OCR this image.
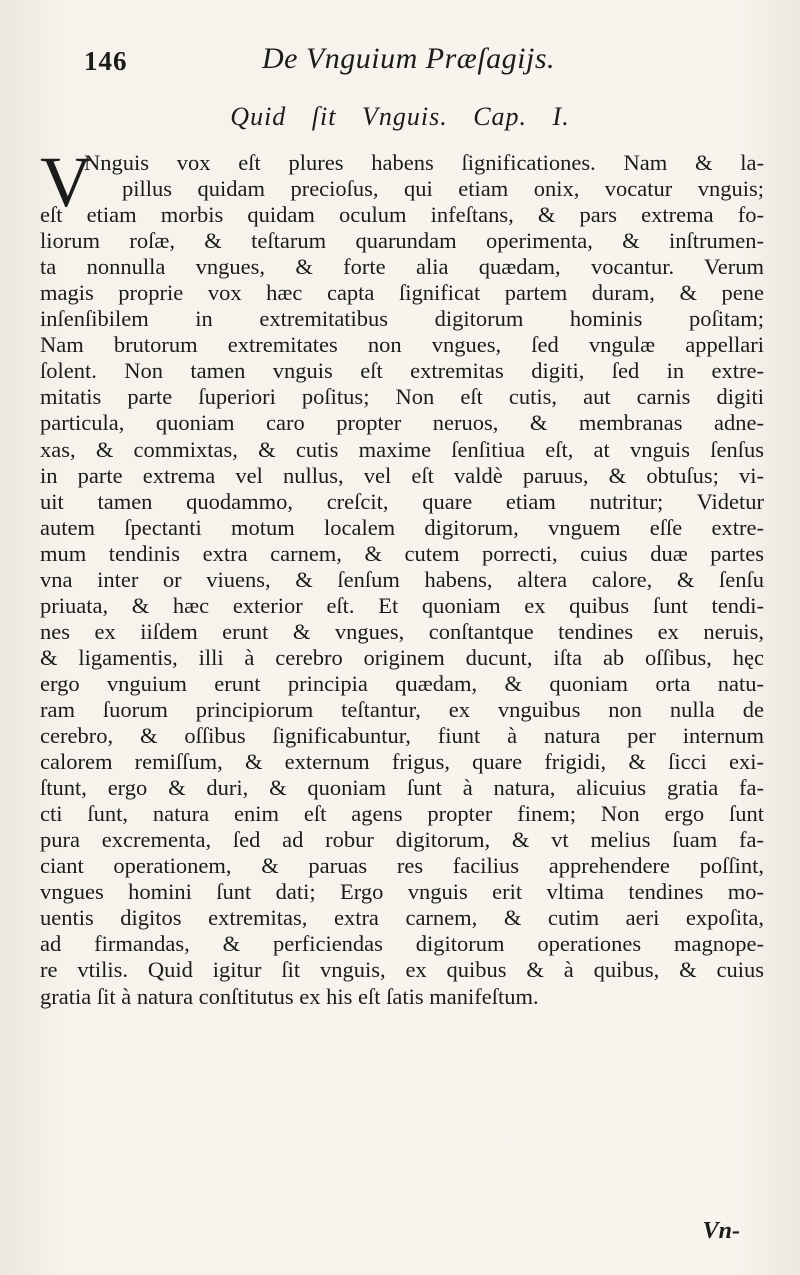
146	De Vnguium Præſagijs.
Quid ſit Vnguis. Cap. I.
V
Nnguis vox eſt plures habens ſignificationes. Nam & la-
pillus quidam precioſus, qui etiam onix, vocatur vnguis;
eſt etiam morbis quidam oculum infeſtans, & pars extrema fo-
liorum roſæ, & teſtarum quarundam operimenta, & inſtrumen-
ta nonnulla vngues, & forte alia quædam, vocantur. Verum
magis proprie vox hæc capta ſignificat partem duram, & pene
inſenſibilem in extremitatibus digitorum hominis poſitam;
Nam brutorum extremitates non vngues, ſed vngulæ appellari
ſolent. Non tamen vnguis eſt extremitas digiti, ſed in extre-
mitatis parte ſuperiori poſitus; Non eſt cutis, aut carnis digiti
particula, quoniam caro propter neruos, & membranas adne-
xas, & commixtas, & cutis maxime ſenſitiua eſt, at vnguis ſenſus
in parte extrema vel nullus, vel eſt valdè paruus, & obtuſus; vi-
uit tamen quodammo, creſcit, quare etiam nutritur; Videtur
autem ſpectanti motum localem digitorum, vnguem eſſe extre-
mum tendinis extra carnem, & cutem porrecti, cuius duæ partes
vna inter or viuens, & ſenſum habens, altera calore, & ſenſu
priuata, & hæc exterior eſt. Et quoniam ex quibus ſunt tendi-
nes ex iiſdem erunt & vngues, conſtantque tendines ex neruis,
& ligamentis, illi à cerebro originem ducunt, iſta ab oſſibus, hęc
ergo vnguium erunt principia quædam, & quoniam orta natu-
ram ſuorum principiorum teſtantur, ex vnguibus non nulla de
cerebro, & oſſibus ſignificabuntur, fiunt à natura per internum
calorem remiſſum, & externum frigus, quare frigidi, & ſicci exi-
ſtunt, ergo & duri, & quoniam ſunt à natura, alicuius gratia fa-
cti ſunt, natura enim eſt agens propter finem; Non ergo ſunt
pura excrementa, ſed ad robur digitorum, & vt melius ſuam fa-
ciant operationem, & paruas res facilius apprehendere poſſint,
vngues homini ſunt dati; Ergo vnguis erit vltima tendines mo-
uentis digitos extremitas, extra carnem, & cutim aeri expoſita,
ad firmandas, & perficiendas digitorum operationes magnope-
re vtilis. Quid igitur ſit vnguis, ex quibus & à quibus, & cuius
gratia ſit à natura conſtitutus ex his eſt ſatis manifeſtum.
Vn-
